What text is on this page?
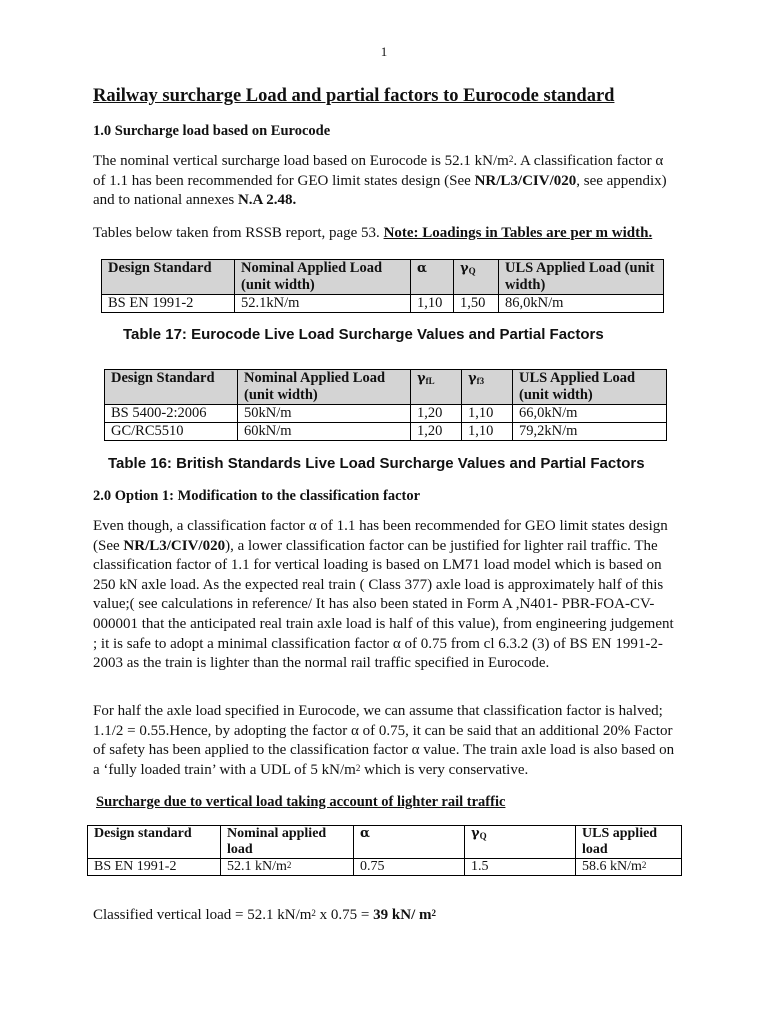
1
Railway surcharge Load and partial factors to Eurocode standard
1.0 Surcharge load based on Eurocode

The nominal vertical surcharge load based on Eurocode is 52.1 $kN/m^2$. A classification factor α of 1.1 has been recommended for GEO limit states design (See NR/L3/CIV/020, see appendix) and to national annexes N.A 2.48.

Tables below taken from RSSB report, page 53. Note: Loadings in Tables are per m width.

Design Standard	Nominal Applied Load (unit width)	α	$\gamma_Q$	ULS Applied Load (unit width)
BS EN 1991-2	52.1kN/m	1,10	1,50	86,0kN/m
Table 17: Eurocode Live Load Surcharge Values and Partial Factors
Design Standard	Nominal Applied Load (unit width)	$\gamma_{fL}$	$\gamma_{f3}$	ULS Applied Load (unit width)
BS 5400-2:2006	50kN/m	1,20	1,10	66,0kN/m
GC/RC5510	60kN/m	1,20	1,10	79,2kN/m
Table 16: British Standards Live Load Surcharge Values and Partial Factors
2.0 Option 1: Modification to the classification factor

Even though, a classification factor α of 1.1 has been recommended for GEO limit states design (See NR/L3/CIV/020), a lower classification factor can be justified for lighter rail traffic. The classification factor of 1.1 for vertical loading is based on LM71 load model which is based on 250 kN axle load. As the expected real train ( Class 377) axle load is approximately half of this value;( see calculations in reference/ It has also been stated in Form A ,N401- PBR-FOA-CV-000001 that the anticipated real train axle load is half of this value), from engineering judgement ; it is safe to adopt a minimal classification factor α of 0.75 from cl 6.3.2 (3) of BS EN 1991-2-2003 as the train is lighter than the normal rail traffic specified in Eurocode.

For half the axle load specified in Eurocode, we can assume that classification factor is halved; 1.1/2 = 0.55.Hence, by adopting the factor α of 0.75, it can be said that an additional 20% Factor of safety has been applied to the classification factor α value. The train axle load is also based on a ‘fully loaded train’ with a UDL of 5 $kN/m^2$ which is very conservative.

Surcharge due to vertical load taking account of lighter rail traffic
Design standard	Nominal applied load	α	$\gamma_Q$	ULS applied load
BS EN 1991-2	52.1 $kN/m^2$	0.75	1.5	58.6 $kN/m^2$

Classified vertical load = 52.1 $kN/m^2$ x 0.75 = 39 kN/ $m^2$
